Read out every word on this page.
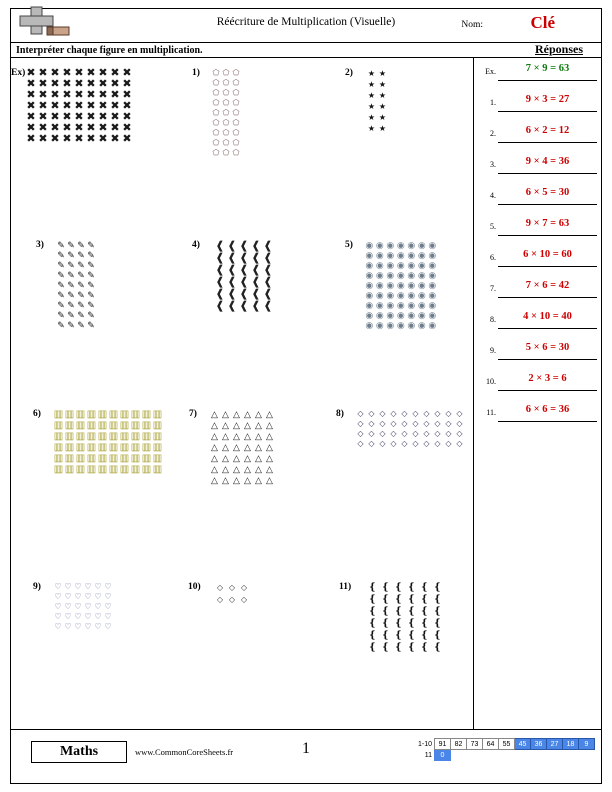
Réécriture de Multiplication (Visuelle)	Nom:	Clé
Interpréter chaque figure en multiplication.	Réponses
Ex) ✖ ✖ ✖ ✖ ✖ ✖ ✖ ✖ ✖
✖ ✖ ✖ ✖ ✖ ✖ ✖ ✖ ✖
✖ ✖ ✖ ✖ ✖ ✖ ✖ ✖ ✖
✖ ✖ ✖ ✖ ✖ ✖ ✖ ✖ ✖
✖ ✖ ✖ ✖ ✖ ✖ ✖ ✖ ✖
✖ ✖ ✖ ✖ ✖ ✖ ✖ ✖ ✖
✖ ✖ ✖ ✖ ✖ ✖ ✖ ✖ ✖
1) ⬠ ⬠ ⬠
⬠ ⬠ ⬠
⬠ ⬠ ⬠
⬠ ⬠ ⬠
⬠ ⬠ ⬠
⬠ ⬠ ⬠
⬠ ⬠ ⬠
⬠ ⬠ ⬠
⬠ ⬠ ⬠
2) ★ ★
★ ★
★ ★
★ ★
★ ★
★ ★
3) ✎ ✎ ✎ ✎
✎ ✎ ✎ ✎
✎ ✎ ✎ ✎
✎ ✎ ✎ ✎
✎ ✎ ✎ ✎
✎ ✎ ✎ ✎
✎ ✎ ✎ ✎
✎ ✎ ✎ ✎
✎ ✎ ✎ ✎
4) ❰ ❰ ❰ ❰ ❰
❰ ❰ ❰ ❰ ❰
❰ ❰ ❰ ❰ ❰
❰ ❰ ❰ ❰ ❰
❰ ❰ ❰ ❰ ❰
❰ ❰ ❰ ❰ ❰
5) ◉ ◉ ◉ ◉ ◉ ◉ ◉
◉ ◉ ◉ ◉ ◉ ◉ ◉
◉ ◉ ◉ ◉ ◉ ◉ ◉
◉ ◉ ◉ ◉ ◉ ◉ ◉
◉ ◉ ◉ ◉ ◉ ◉ ◉
◉ ◉ ◉ ◉ ◉ ◉ ◉
◉ ◉ ◉ ◉ ◉ ◉ ◉
◉ ◉ ◉ ◉ ◉ ◉ ◉
◉ ◉ ◉ ◉ ◉ ◉ ◉
6) ▥ ▥ ▥ ▥ ▥ ▥ ▥ ▥ ▥ ▥
▥ ▥ ▥ ▥ ▥ ▥ ▥ ▥ ▥ ▥
▥ ▥ ▥ ▥ ▥ ▥ ▥ ▥ ▥ ▥
▥ ▥ ▥ ▥ ▥ ▥ ▥ ▥ ▥ ▥
▥ ▥ ▥ ▥ ▥ ▥ ▥ ▥ ▥ ▥
▥ ▥ ▥ ▥ ▥ ▥ ▥ ▥ ▥ ▥
7) △ △ △ △ △ △
△ △ △ △ △ △
△ △ △ △ △ △
△ △ △ △ △ △
△ △ △ △ △ △
△ △ △ △ △ △
△ △ △ △ △ △
8)	◇ ◇ ◇ ◇ ◇ ◇ ◇ ◇ ◇ ◇
◇ ◇ ◇ ◇ ◇ ◇ ◇ ◇ ◇ ◇
◇ ◇ ◇ ◇ ◇ ◇ ◇ ◇ ◇ ◇
◇ ◇ ◇ ◇ ◇ ◇ ◇ ◇ ◇ ◇
9) ♡ ♡ ♡ ♡ ♡ ♡
♡ ♡ ♡ ♡ ♡ ♡
♡ ♡ ♡ ♡ ♡ ♡
♡ ♡ ♡ ♡ ♡ ♡
♡ ♡ ♡ ♡ ♡ ♡
10)	◇ ◇ ◇
◇ ◇ ◇
11) ❴ ❴ ❴ ❴ ❴ ❴
❴ ❴ ❴ ❴ ❴ ❴
❴ ❴ ❴ ❴ ❴ ❴
❴ ❴ ❴ ❴ ❴ ❴
❴ ❴ ❴ ❴ ❴ ❴
❴ ❴ ❴ ❴ ❴ ❴
Ex.	7 × 9 = 63
1.	9 × 3 = 27
2.	6 × 2 = 12
3.	9 × 4 = 36
4.	6 × 5 = 30
5.	9 × 7 = 63
6.	6 × 10 = 60
7.	7 × 6 = 42
8.	4 × 10 = 40
9.	5 × 6 = 30
10.	2 × 3 = 6
11.	6 × 6 = 36
Maths	www.CommonCoreSheets.fr	1	1-10	91	82	73	64	55	45	36	27	18	9
11	0									
